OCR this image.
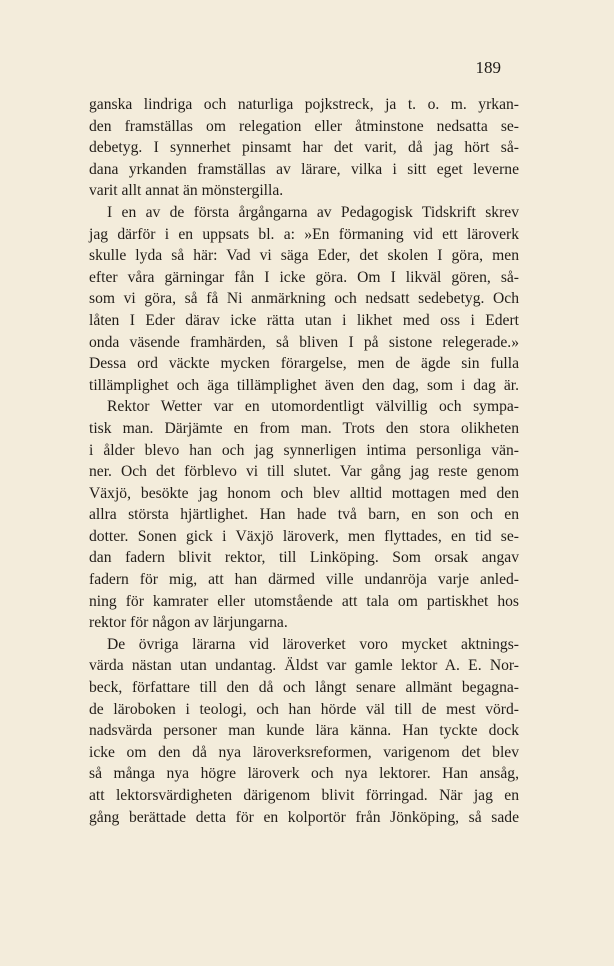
189
ganska lindriga och naturliga pojkstreck, ja t. o. m. yrkan-
den framställas om relegation eller åtminstone nedsatta se-
debetyg. I synnerhet pinsamt har det varit, då jag hört så-
dana yrkanden framställas av lärare, vilka i sitt eget leverne
varit allt annat än mönstergilla.
I en av de första årgångarna av Pedagogisk Tidskrift skrev
jag därför i en uppsats bl. a: »En förmaning vid ett läroverk
skulle lyda så här: Vad vi säga Eder, det skolen I göra, men
efter våra gärningar fån I icke göra. Om I likväl gören, så-
som vi göra, så få Ni anmärkning och nedsatt sedebetyg. Och
låten I Eder därav icke rätta utan i likhet med oss i Edert
onda väsende framhärden, så bliven I på sistone relegerade.»
Dessa ord väckte mycken förargelse, men de ägde sin fulla
tillämplighet och äga tillämplighet även den dag, som i dag är.
Rektor Wetter var en utomordentligt välvillig och sympa-
tisk man. Därjämte en from man. Trots den stora olikheten
i ålder blevo han och jag synnerligen intima personliga vän-
ner. Och det förblevo vi till slutet. Var gång jag reste genom
Växjö, besökte jag honom och blev alltid mottagen med den
allra största hjärtlighet. Han hade två barn, en son och en
dotter. Sonen gick i Växjö läroverk, men flyttades, en tid se-
dan fadern blivit rektor, till Linköping. Som orsak angav
fadern för mig, att han därmed ville undanröja varje anled-
ning för kamrater eller utomstående att tala om partiskhet hos
rektor för någon av lärjungarna.
De övriga lärarna vid läroverket voro mycket aktnings-
värda nästan utan undantag. Äldst var gamle lektor A. E. Nor-
beck, författare till den då och långt senare allmänt begagna-
de läroboken i teologi, och han hörde väl till de mest vörd-
nadsvärda personer man kunde lära känna. Han tyckte dock
icke om den då nya läroverksreformen, varigenom det blev
så många nya högre läroverk och nya lektorer. Han ansåg,
att lektorsvärdigheten därigenom blivit förringad. När jag en
gång berättade detta för en kolportör från Jönköping, så sade
